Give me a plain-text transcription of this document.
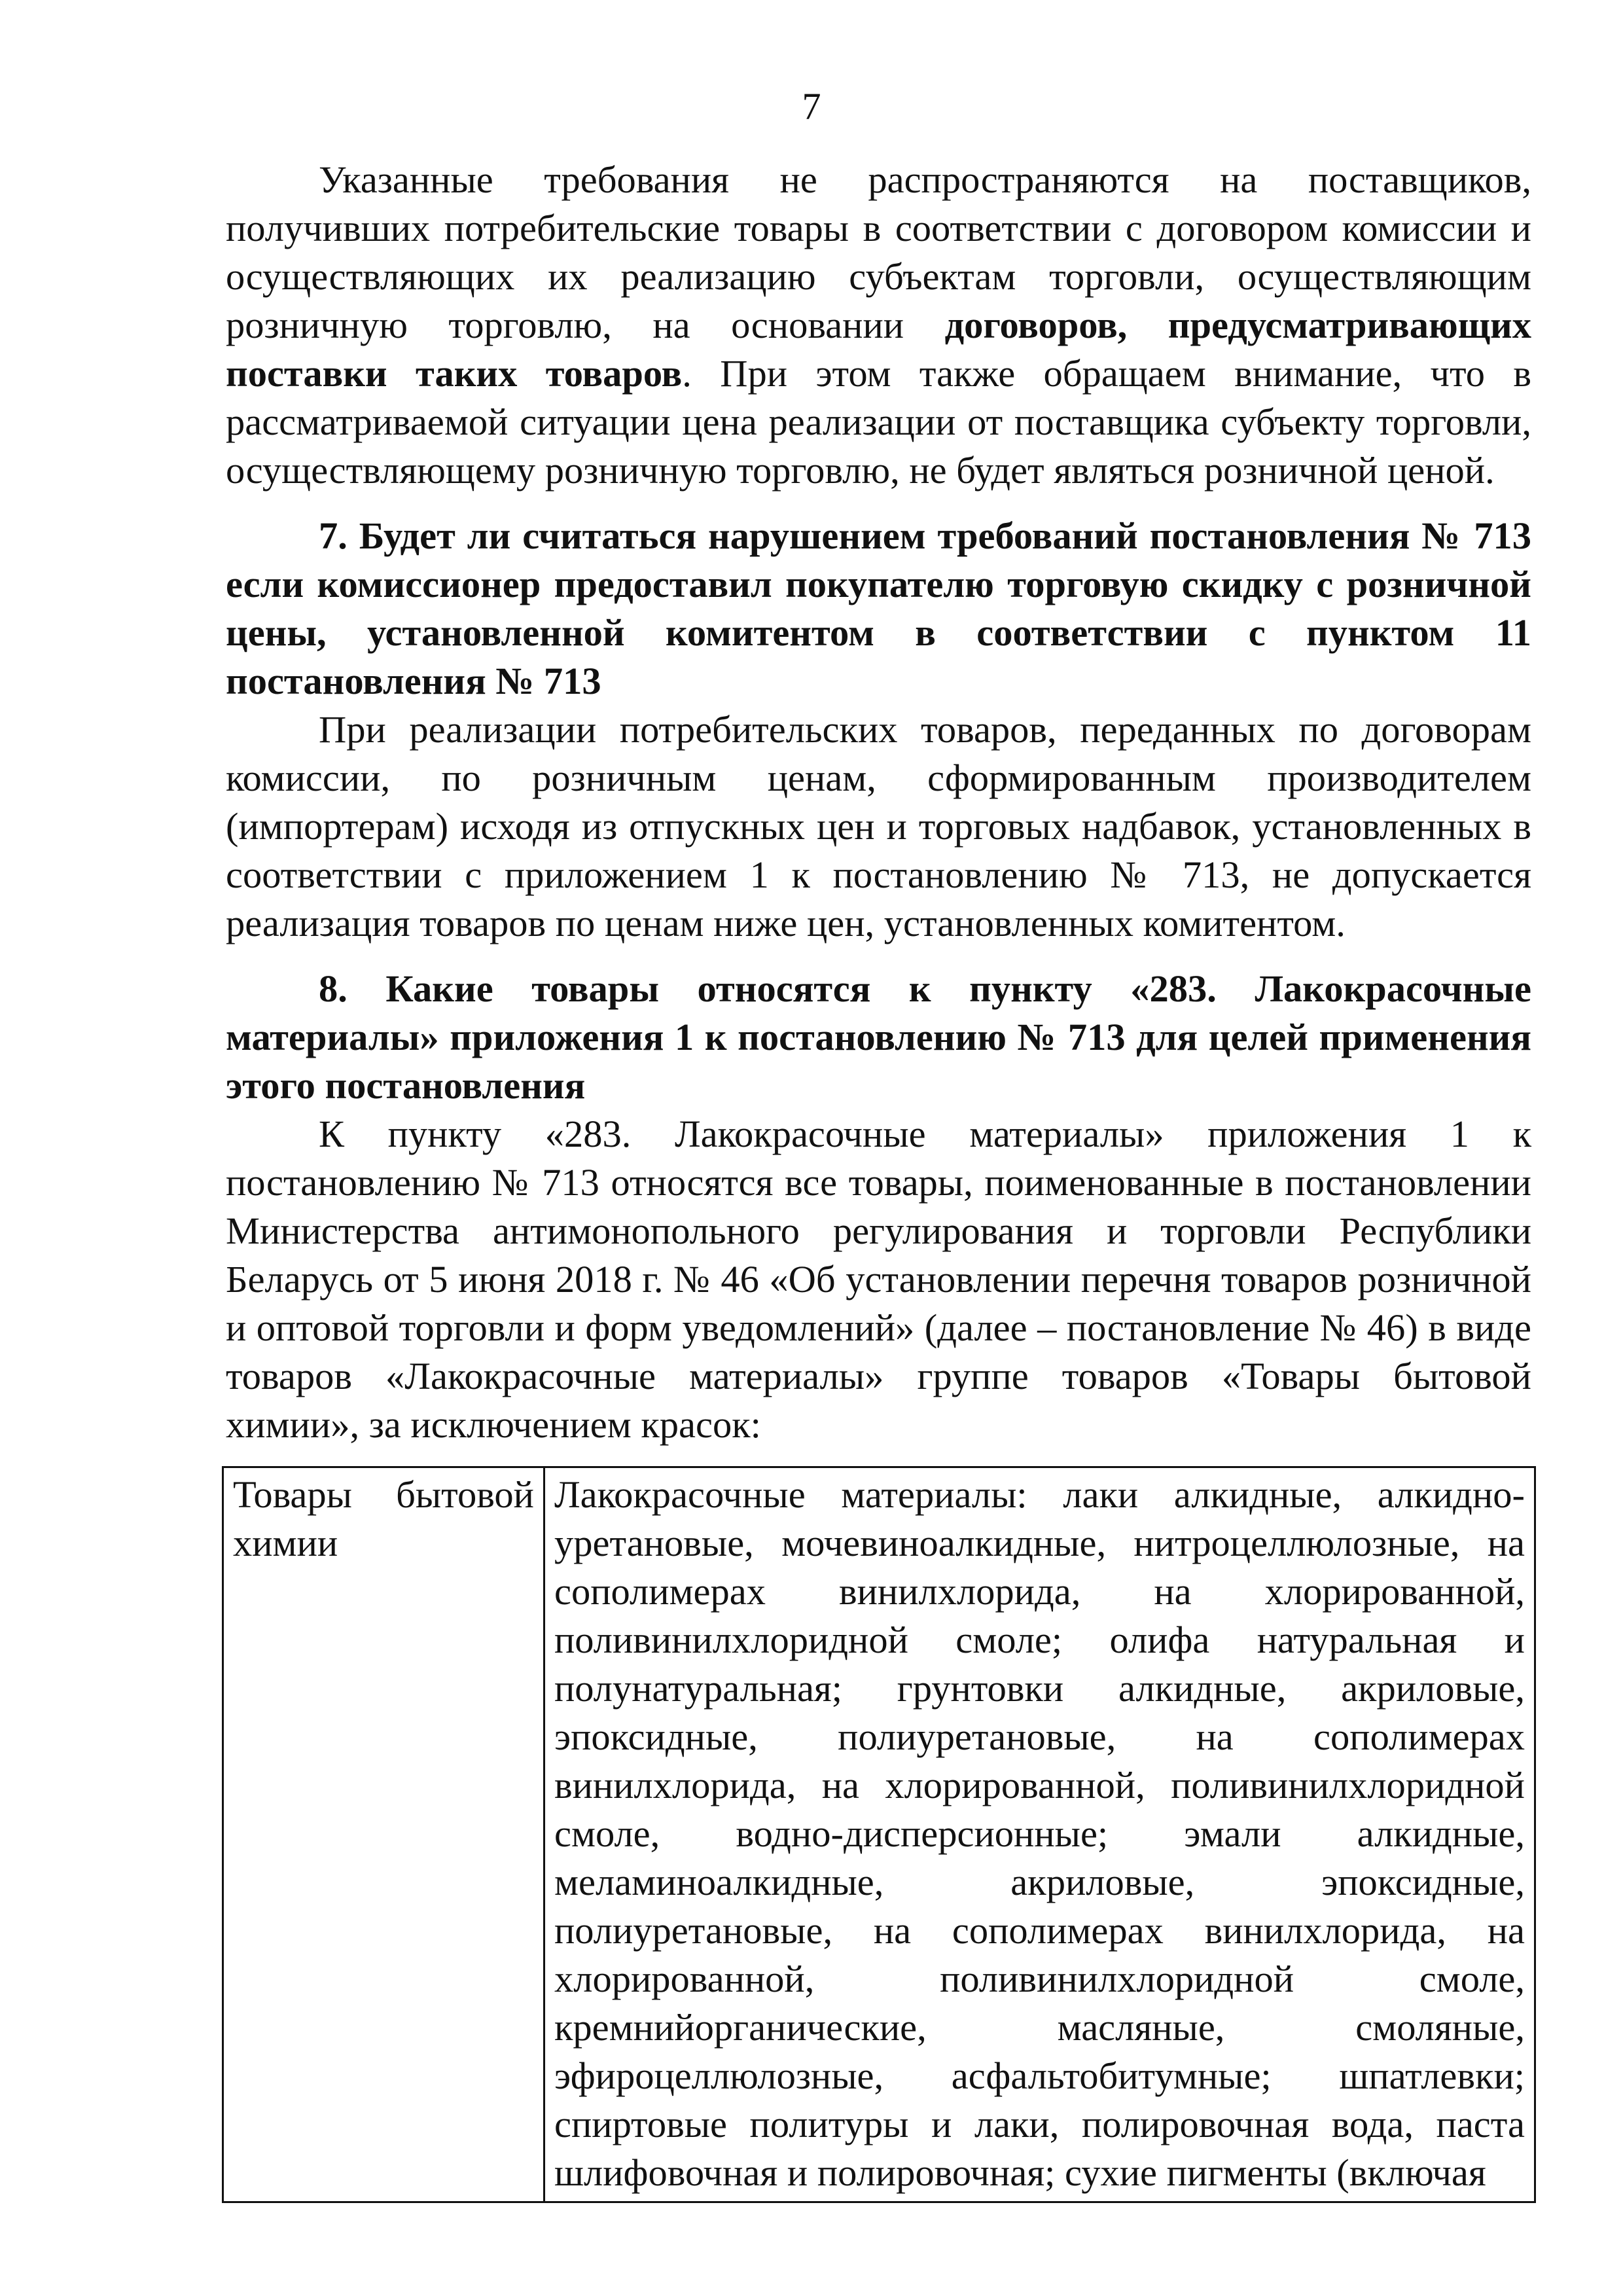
7

Указанные требования не распространяются на поставщиков, получивших потребительские товары в соответствии с договором комиссии и осуществляющих их реализацию субъектам торговли, осуществляющим розничную торговлю, на основании договоров, предусматривающих поставки таких товаров. При этом также обращаем внимание, что в рассматриваемой ситуации цена реализации от поставщика субъекту торговли, осуществляющему розничную торговлю, не будет являться розничной ценой.

7. Будет ли считаться нарушением требований постановления № 713 если комиссионер предоставил покупателю торговую скидку с розничной цены, установленной комитентом в соответствии с пунктом 11 постановления № 713

При реализации потребительских товаров, переданных по договорам комиссии, по розничным ценам, сформированным производителем (импортерам) исходя из отпускных цен и торговых надбавок, установленных в соответствии с приложением 1 к постановлению № 713, не допускается реализация товаров по ценам ниже цен, установленных комитентом.

8. Какие товары относятся к пункту «283. Лакокрасочные материалы» приложения 1 к постановлению № 713 для целей применения этого постановления

К пункту «283. Лакокрасочные материалы» приложения 1 к постановлению № 713 относятся все товары, поименованные в постановлении Министерства антимонопольного регулирования и торговли Республики Беларусь от 5 июня 2018 г. № 46 «Об установлении перечня товаров розничной и оптовой торговли и форм уведомлений» (далее – постановление № 46) в виде товаров «Лакокрасочные материалы» группе товаров «Товары бытовой химии», за исключением красок:

Товары бытовой химии	Лакокрасочные материалы: лаки алкидные, алкидно-уретановые, мочевиноалкидные, нитроцеллюлозные, на сополимерах винилхлорида, на хлорированной, поливинилхлоридной смоле; олифа натуральная и полунатуральная; грунтовки алкидные, акриловые, эпоксидные, полиуретановые, на сополимерах винилхлорида, на хлорированной, поливинилхлоридной смоле, водно-дисперсионные; эмали алкидные, меламиноалкидные, акриловые, эпоксидные, полиуретановые, на сополимерах винилхлорида, на хлорированной, поливинилхлоридной смоле, кремнийорганические, масляные, смоляные, эфироцеллюлозные, асфальтобитумные; шпатлевки; спиртовые политуры и лаки, полировочная вода, паста шлифовочная и полировочная; сухие пигменты (включая
